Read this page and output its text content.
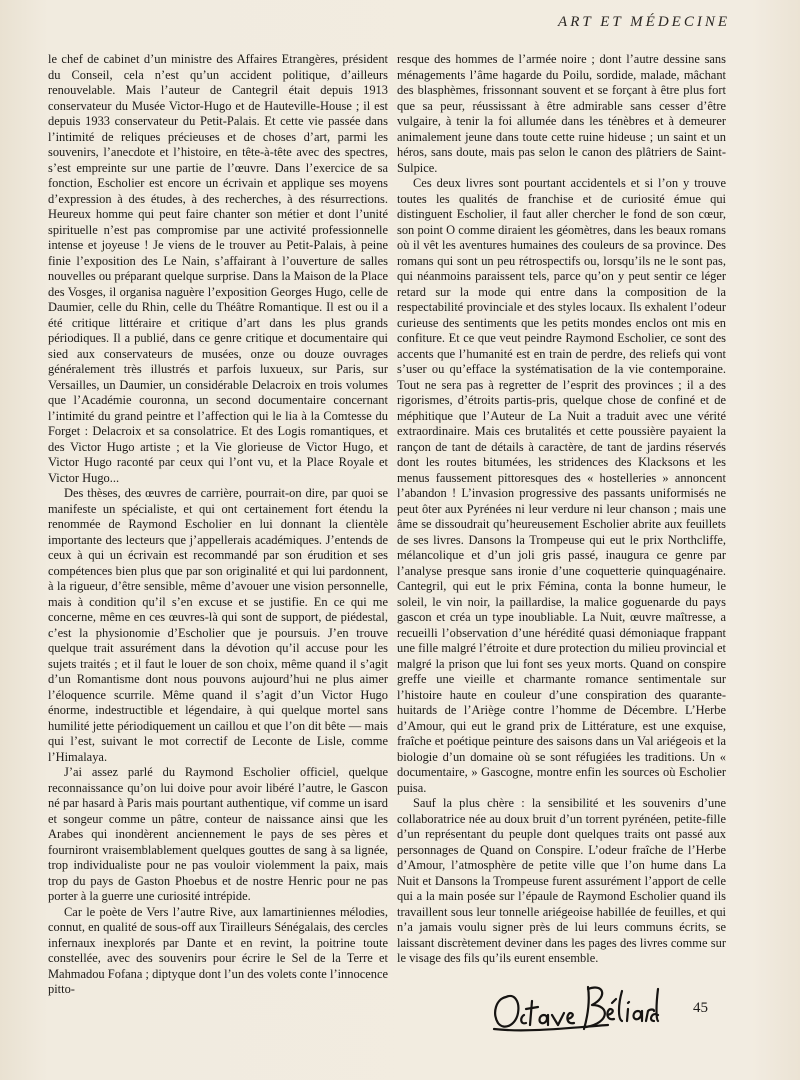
ART ET MÉDECINE

le chef de cabinet d’un ministre des Affaires Etrangères, président du Conseil, cela n’est qu’un accident politique, d’ailleurs renouvelable. Mais l’auteur de Cantegril était depuis 1913 conservateur du Musée Victor-Hugo et de Hauteville-House ; il est depuis 1933 conservateur du Petit-Palais. Et cette vie passée dans l’intimité de reliques précieuses et de choses d’art, parmi les souvenirs, l’anecdote et l’histoire, en tête-à-tête avec des spectres, s’est empreinte sur une partie de l’œuvre. Dans l’exercice de sa fonction, Escholier est encore un écrivain et applique ses moyens d’expression à des études, à des recherches, à des résurrections. Heureux homme qui peut faire chanter son métier et dont l’unité spirituelle n’est pas compromise par une activité professionnelle intense et joyeuse ! Je viens de le trouver au Petit-Palais, à peine finie l’exposition des Le Nain, s’affairant à l’ouverture de salles nouvelles ou préparant quelque surprise. Dans la Maison de la Place des Vosges, il organisa naguère l’exposition Georges Hugo, celle de Daumier, celle du Rhin, celle du Théâtre Romantique. Il est ou il a été critique littéraire et critique d’art dans les plus grands périodiques. Il a publié, dans ce genre critique et documentaire qui sied aux conservateurs de musées, onze ou douze ouvrages généralement très illustrés et parfois luxueux, sur Paris, sur Versailles, un Daumier, un considérable Delacroix en trois volumes que l’Académie couronna, un second documentaire concernant l’intimité du grand peintre et l’affection qui le lia à la Comtesse du Forget : Delacroix et sa consolatrice. Et des Logis romantiques, et des Victor Hugo artiste ; et la Vie glorieuse de Victor Hugo, et Victor Hugo raconté par ceux qui l’ont vu, et la Place Royale et Victor Hugo...

Des thèses, des œuvres de carrière, pourrait-on dire, par quoi se manifeste un spécialiste, et qui ont certainement fort étendu la renommée de Raymond Escholier en lui donnant la clientèle importante des lecteurs que j’appellerais académiques. J’entends de ceux à qui un écrivain est recommandé par son érudition et ses compétences bien plus que par son originalité et qui lui pardonnent, à la rigueur, d’être sensible, même d’avouer une vision personnelle, mais à condition qu’il s’en excuse et se justifie. En ce qui me concerne, même en ces œuvres-là qui sont de support, de piédestal, c’est la physionomie d’Escholier que je poursuis. J’en trouve quelque trait assurément dans la dévotion qu’il accuse pour les sujets traités ; et il faut le louer de son choix, même quand il s’agit d’un Romantisme dont nous pouvons aujourd’hui ne plus aimer l’éloquence scurrile. Même quand il s’agit d’un Victor Hugo énorme, indestructible et légendaire, à qui quelque mortel sans humilité jette périodiquement un caillou et que l’on dit bête — mais qui l’est, suivant le mot correctif de Leconte de Lisle, comme l’Himalaya.

J’ai assez parlé du Raymond Escholier officiel, quelque reconnaissance qu’on lui doive pour avoir libéré l’autre, le Gascon né par hasard à Paris mais pourtant authentique, vif comme un isard et songeur comme un pâtre, conteur de naissance ainsi que les Arabes qui inondèrent anciennement le pays de ses pères et fourniront vraisemblablement quelques gouttes de sang à sa lignée, trop individualiste pour ne pas vouloir violemment la paix, mais trop du pays de Gaston Phoebus et de nostre Henric pour ne pas porter à la guerre une curiosité intrépide.

Car le poète de Vers l’autre Rive, aux lamartiniennes mélodies, connut, en qualité de sous-off aux Tirailleurs Sénégalais, des cercles infernaux inexplorés par Dante et en revint, la poitrine toute constellée, avec des souvenirs pour écrire le Sel de la Terre et Mahmadou Fofana ; diptyque dont l’un des volets conte l’innocence pitto-

resque des hommes de l’armée noire ; dont l’autre dessine sans ménagements l’âme hagarde du Poilu, sordide, malade, mâchant des blasphèmes, frissonnant souvent et se forçant à être plus fort que sa peur, réussissant à être admirable sans cesser d’être vulgaire, à tenir la foi allumée dans les ténèbres et à demeurer animalement jeune dans toute cette ruine hideuse ; un saint et un héros, sans doute, mais pas selon le canon des plâtriers de Saint-Sulpice.

Ces deux livres sont pourtant accidentels et si l’on y trouve toutes les qualités de franchise et de curiosité émue qui distinguent Escholier, il faut aller chercher le fond de son cœur, son point O comme diraient les géomètres, dans les beaux romans où il vêt les aventures humaines des couleurs de sa province. Des romans qui sont un peu rétrospectifs ou, lorsqu’ils ne le sont pas, qui néanmoins paraissent tels, parce qu’on y peut sentir ce léger retard sur la mode qui entre dans la composition de la respectabilité provinciale et des styles locaux. Ils exhalent l’odeur curieuse des sentiments que les petits mondes enclos ont mis en confiture. Et ce que veut peindre Raymond Escholier, ce sont des accents que l’humanité est en train de perdre, des reliefs qui vont s’user ou qu’efface la systématisation de la vie contemporaine. Tout ne sera pas à regretter de l’esprit des provinces ; il a des rigorismes, d’étroits partis-pris, quelque chose de confiné et de méphitique que l’Auteur de La Nuit a traduit avec une vérité extraordinaire. Mais ces brutalités et cette poussière payaient la rançon de tant de détails à caractère, de tant de jardins réservés dont les routes bitumées, les stridences des Klacksons et les menus faussement pittoresques des « hostelleries » annoncent l’abandon ! L’invasion progressive des passants uniformisés ne peut ôter aux Pyrénées ni leur verdure ni leur chanson ; mais une âme se dissoudrait qu’heureusement Escholier abrite aux feuillets de ses livres. Dansons la Trompeuse qui eut le prix Northcliffe, mélancolique et d’un joli gris passé, inaugura ce genre par l’analyse presque sans ironie d’une coquetterie quinquagénaire. Cantegril, qui eut le prix Fémina, conta la bonne humeur, le soleil, le vin noir, la paillardise, la malice goguenarde du pays gascon et créa un type inoubliable. La Nuit, œuvre maîtresse, a recueilli l’observation d’une hérédité quasi démoniaque frappant une fille malgré l’étroite et dure protection du milieu provincial et malgré la prison que lui font ses yeux morts. Quand on conspire greffe une vieille et charmante romance sentimentale sur l’histoire haute en couleur d’une conspiration des quarante-huitards de l’Ariège contre l’homme de Décembre. L’Herbe d’Amour, qui eut le grand prix de Littérature, est une exquise, fraîche et poétique peinture des saisons dans un Val ariégeois et la biologie d’un domaine où se sont réfugiées les traditions. Un « documentaire, » Gascogne, montre enfin les sources où Escholier puisa.

Sauf la plus chère : la sensibilité et les souvenirs d’une collaboratrice née au doux bruit d’un torrent pyrénéen, petite-fille d’un représentant du peuple dont quelques traits ont passé aux personnages de Quand on Conspire. L’odeur fraîche de l’Herbe d’Amour, l’atmosphère de petite ville que l’on hume dans La Nuit et Dansons la Trompeuse furent assurément l’apport de celle qui a la main posée sur l’épaule de Raymond Escholier quand ils travaillent sous leur tonnelle ariégeoise habillée de feuilles, et qui n’a jamais voulu signer près de lui leurs communs écrits, se laissant discrètement deviner dans les pages des livres comme sur le visage des fils qu’ils eurent ensemble.

45
